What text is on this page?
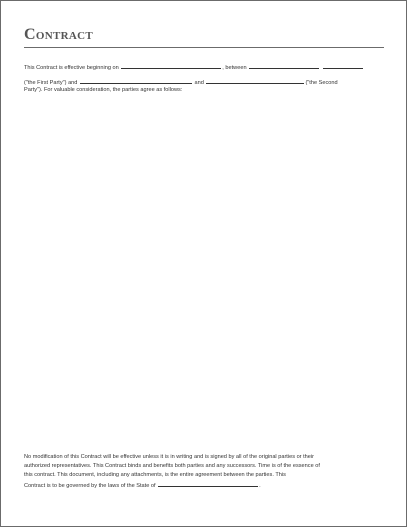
Contract
This Contract is effective beginning on	, between
("the First Party") and	and	("the Second
Party"). For valuable consideration, the parties agree as follows:
No modification of this Contract will be effective unless it is in writing and is signed by all of the original parties or their
authorized representatives. This Contract binds and benefits both parties and any successors. Time is of the essence of
this contract. This document, including any attachments, is the entire agreement between the parties. This
Contract is to be governed by the laws of the State of	.
